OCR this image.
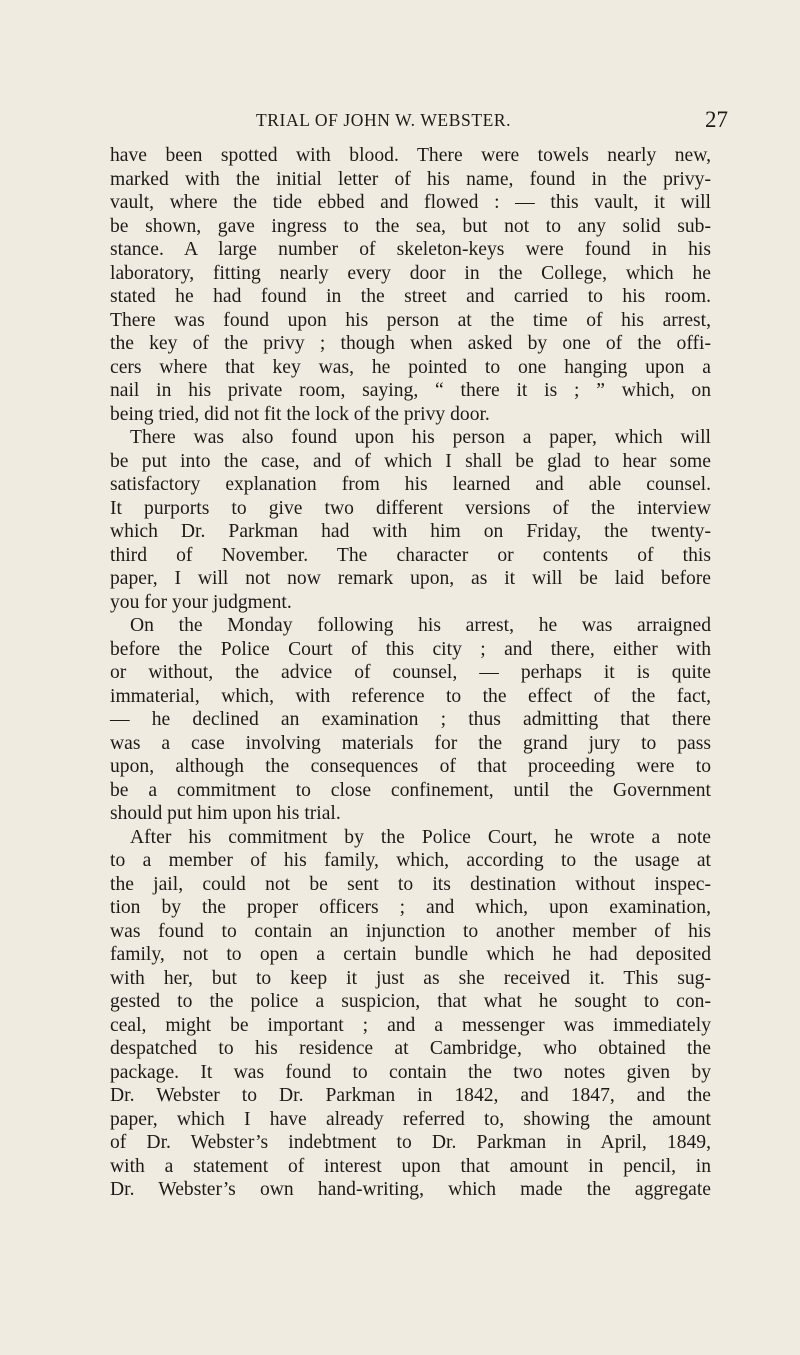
TRIAL OF JOHN W. WEBSTER.	27
have been spotted with blood. There were towels nearly new,
marked with the initial letter of his name, found in the privy-
vault, where the tide ebbed and flowed : — this vault, it will
be shown, gave ingress to the sea, but not to any solid sub-
stance. A large number of skeleton-keys were found in his
laboratory, fitting nearly every door in the College, which he
stated he had found in the street and carried to his room.
There was found upon his person at the time of his arrest,
the key of the privy ; though when asked by one of the offi-
cers where that key was, he pointed to one hanging upon a
nail in his private room, saying, “ there it is ; ” which, on
being tried, did not fit the lock of the privy door.
There was also found upon his person a paper, which will
be put into the case, and of which I shall be glad to hear some
satisfactory explanation from his learned and able counsel.
It purports to give two different versions of the interview
which Dr. Parkman had with him on Friday, the twenty-
third of November. The character or contents of this
paper, I will not now remark upon, as it will be laid before
you for your judgment.
On the Monday following his arrest, he was arraigned
before the Police Court of this city ; and there, either with
or without, the advice of counsel, — perhaps it is quite
immaterial, which, with reference to the effect of the fact,
— he declined an examination ; thus admitting that there
was a case involving materials for the grand jury to pass
upon, although the consequences of that proceeding were to
be a commitment to close confinement, until the Government
should put him upon his trial.
After his commitment by the Police Court, he wrote a note
to a member of his family, which, according to the usage at
the jail, could not be sent to its destination without inspec-
tion by the proper officers ; and which, upon examination,
was found to contain an injunction to another member of his
family, not to open a certain bundle which he had deposited
with her, but to keep it just as she received it. This sug-
gested to the police a suspicion, that what he sought to con-
ceal, might be important ; and a messenger was immediately
despatched to his residence at Cambridge, who obtained the
package. It was found to contain the two notes given by
Dr. Webster to Dr. Parkman in 1842, and 1847, and the
paper, which I have already referred to, showing the amount
of Dr. Webster’s indebtment to Dr. Parkman in April, 1849,
with a statement of interest upon that amount in pencil, in
Dr. Webster’s own hand-writing, which made the aggregate
